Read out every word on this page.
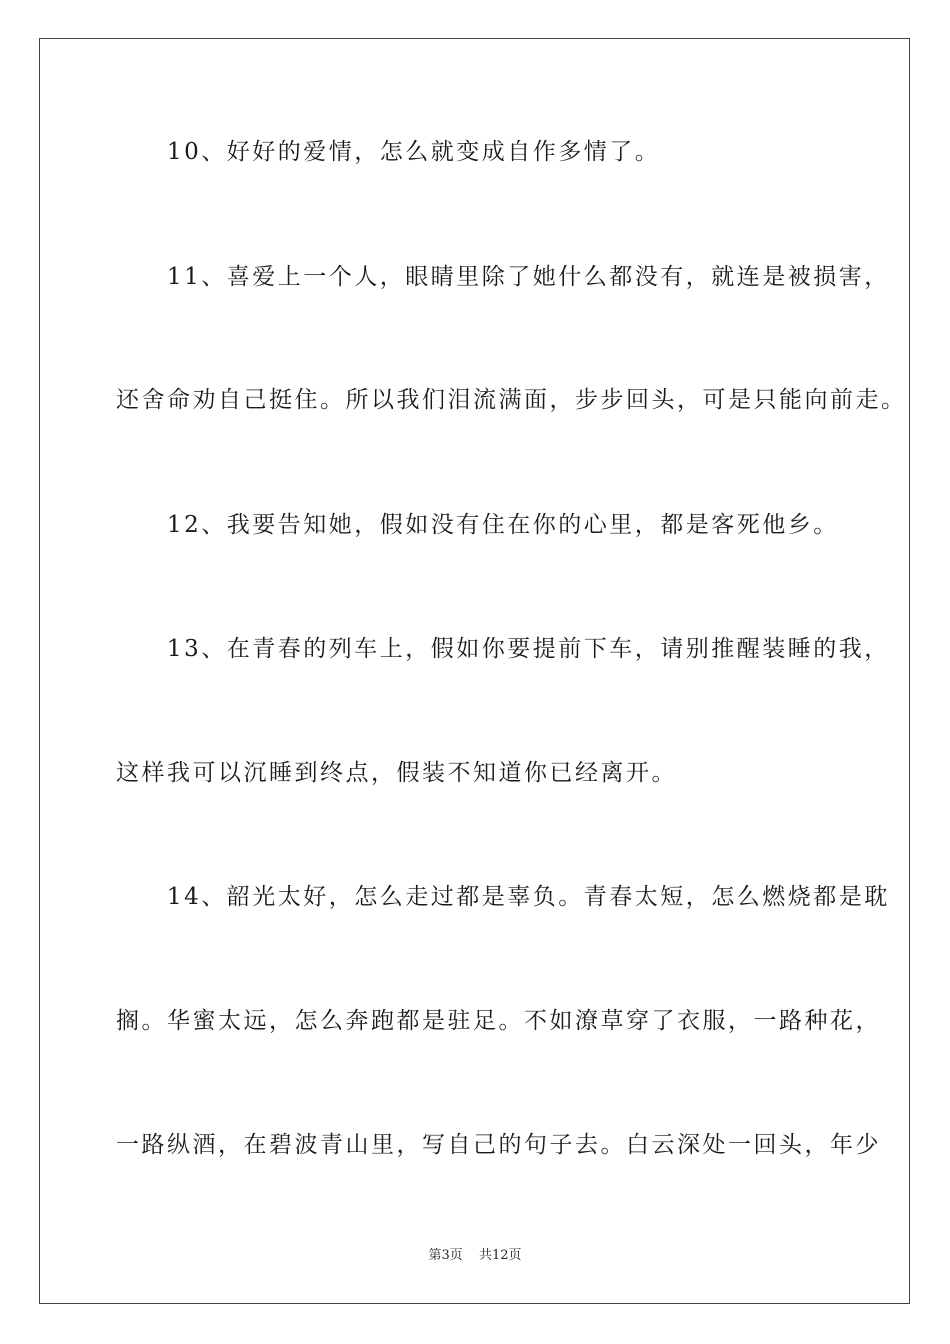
　　10、好好的爱情，怎么就变成自作多情了。
　　11、喜爱上一个人，眼睛里除了她什么都没有，就连是被损害，
还舍命劝自己挺住。所以我们泪流满面，步步回头，可是只能向前走。
　　12、我要告知她，假如没有住在你的心里，都是客死他乡。
　　13、在青春的列车上，假如你要提前下车，请别推醒装睡的我，
这样我可以沉睡到终点，假装不知道你已经离开。
　　14、韶光太好，怎么走过都是辜负。青春太短，怎么燃烧都是耽
搁。华蜜太远，怎么奔跑都是驻足。不如潦草穿了衣服，一路种花，
一路纵酒，在碧波青山里，写自己的句子去。白云深处一回头，年少
第3页 共12页
